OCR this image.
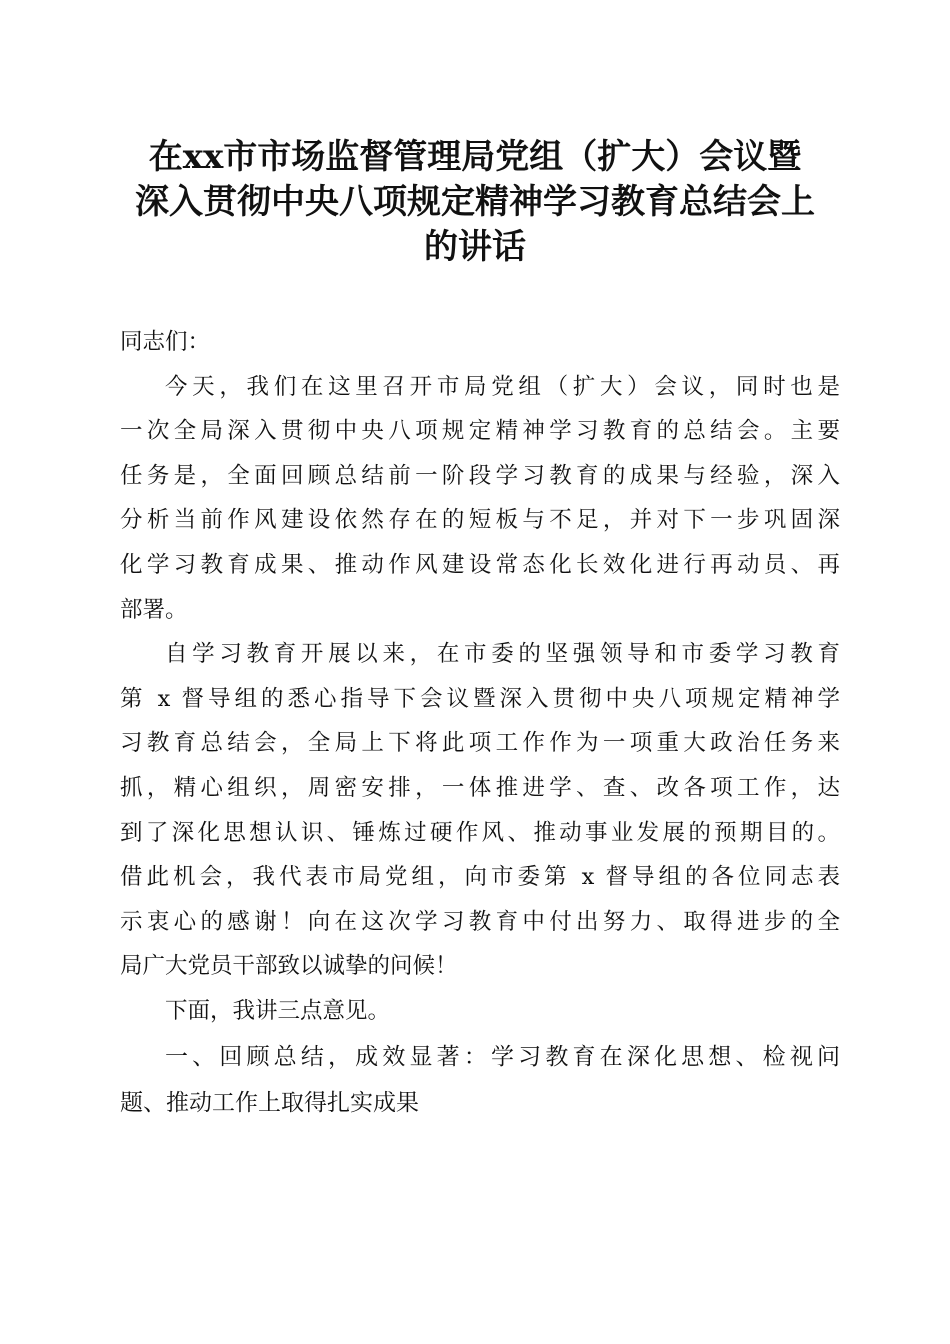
在xx市市场监督管理局党组（扩大）会议暨
深入贯彻中央八项规定精神学习教育总结会上
的讲话
同志们：
今天，我们在这里召开市局党组（扩大）会议，同时也是
一次全局深入贯彻中央八项规定精神学习教育的总结会。主要
任务是，全面回顾总结前一阶段学习教育的成果与经验，深入
分析当前作风建设依然存在的短板与不足，并对下一步巩固深
化学习教育成果、推动作风建设常态化长效化进行再动员、再
部署。
自学习教育开展以来，在市委的坚强领导和市委学习教育
第 x 督导组的悉心指导下会议暨深入贯彻中央八项规定精神学
习教育总结会，全局上下将此项工作作为一项重大政治任务来
抓，精心组织，周密安排，一体推进学、查、改各项工作，达
到了深化思想认识、锤炼过硬作风、推动事业发展的预期目的。
借此机会，我代表市局党组，向市委第 x 督导组的各位同志表
示衷心的感谢！向在这次学习教育中付出努力、取得进步的全
局广大党员干部致以诚挚的问候！
下面，我讲三点意见。
一、回顾总结，成效显著：学习教育在深化思想、检视问
题、推动工作上取得扎实成果
